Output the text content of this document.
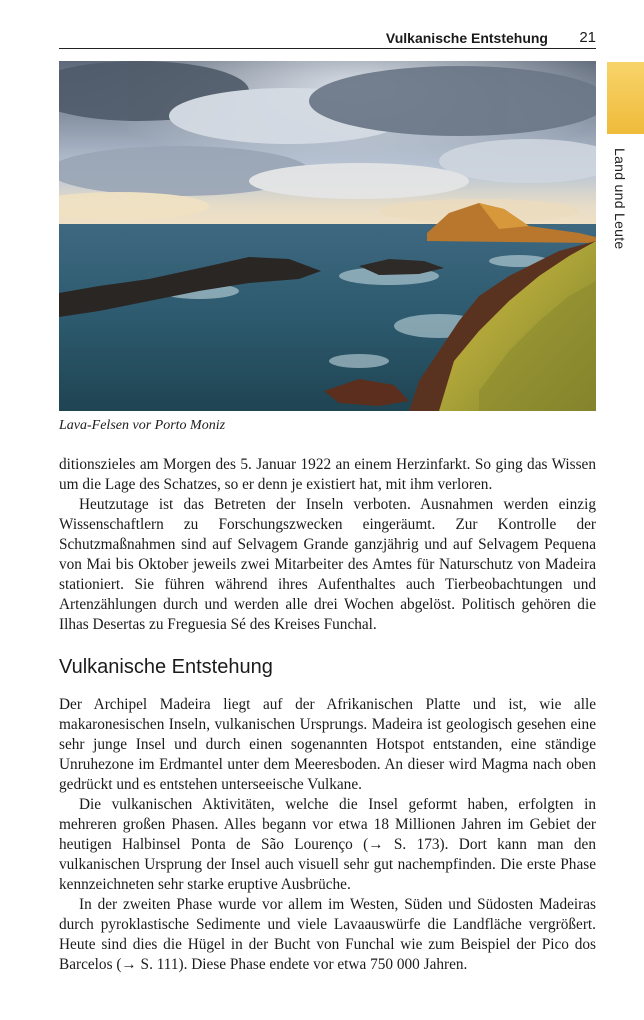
Vulkanische Entstehung 21
Land und Leute
Lava-Felsen vor Porto Moniz

ditionszieles am Morgen des 5. Januar 1922 an einem Herzinfarkt. So ging das Wissen um die Lage des Schatzes, so er denn je existiert hat, mit ihm verloren.

Heutzutage ist das Betreten der Inseln verboten. Ausnahmen werden einzig Wissenschaftlern zu Forschungszwecken eingeräumt. Zur Kontrolle der Schutzmaßnahmen sind auf Selvagem Grande ganzjährig und auf Selvagem Pequena von Mai bis Oktober jeweils zwei Mitarbeiter des Amtes für Naturschutz von Madeira stationiert. Sie führen während ihres Aufenthaltes auch Tierbeobachtungen und Artenzählungen durch und werden alle drei Wochen abgelöst. Politisch gehören die Ilhas Desertas zu Freguesia Sé des Kreises Funchal.

Vulkanische Entstehung

Der Archipel Madeira liegt auf der Afrikanischen Platte und ist, wie alle makaronesischen Inseln, vulkanischen Ursprungs. Madeira ist geologisch gesehen eine sehr junge Insel und durch einen sogenannten Hotspot entstanden, eine ständige Unruhezone im Erdmantel unter dem Meeresboden. An dieser wird Magma nach oben gedrückt und es entstehen unterseeische Vulkane.

Die vulkanischen Aktivitäten, welche die Insel geformt haben, erfolgten in mehreren großen Phasen. Alles begann vor etwa 18 Millionen Jahren im Gebiet der heutigen Halbinsel Ponta de São Lourenço (→ S. 173). Dort kann man den vulkanischen Ursprung der Insel auch visuell sehr gut nachempfinden. Die erste Phase kennzeichneten sehr starke eruptive Ausbrüche.

In der zweiten Phase wurde vor allem im Westen, Süden und Südosten Madeiras durch pyroklastische Sedimente und viele Lavaauswürfe die Landfläche vergrößert. Heute sind dies die Hügel in der Bucht von Funchal wie zum Beispiel der Pico dos Barcelos (→ S. 111). Diese Phase endete vor etwa 750 000 Jahren.
